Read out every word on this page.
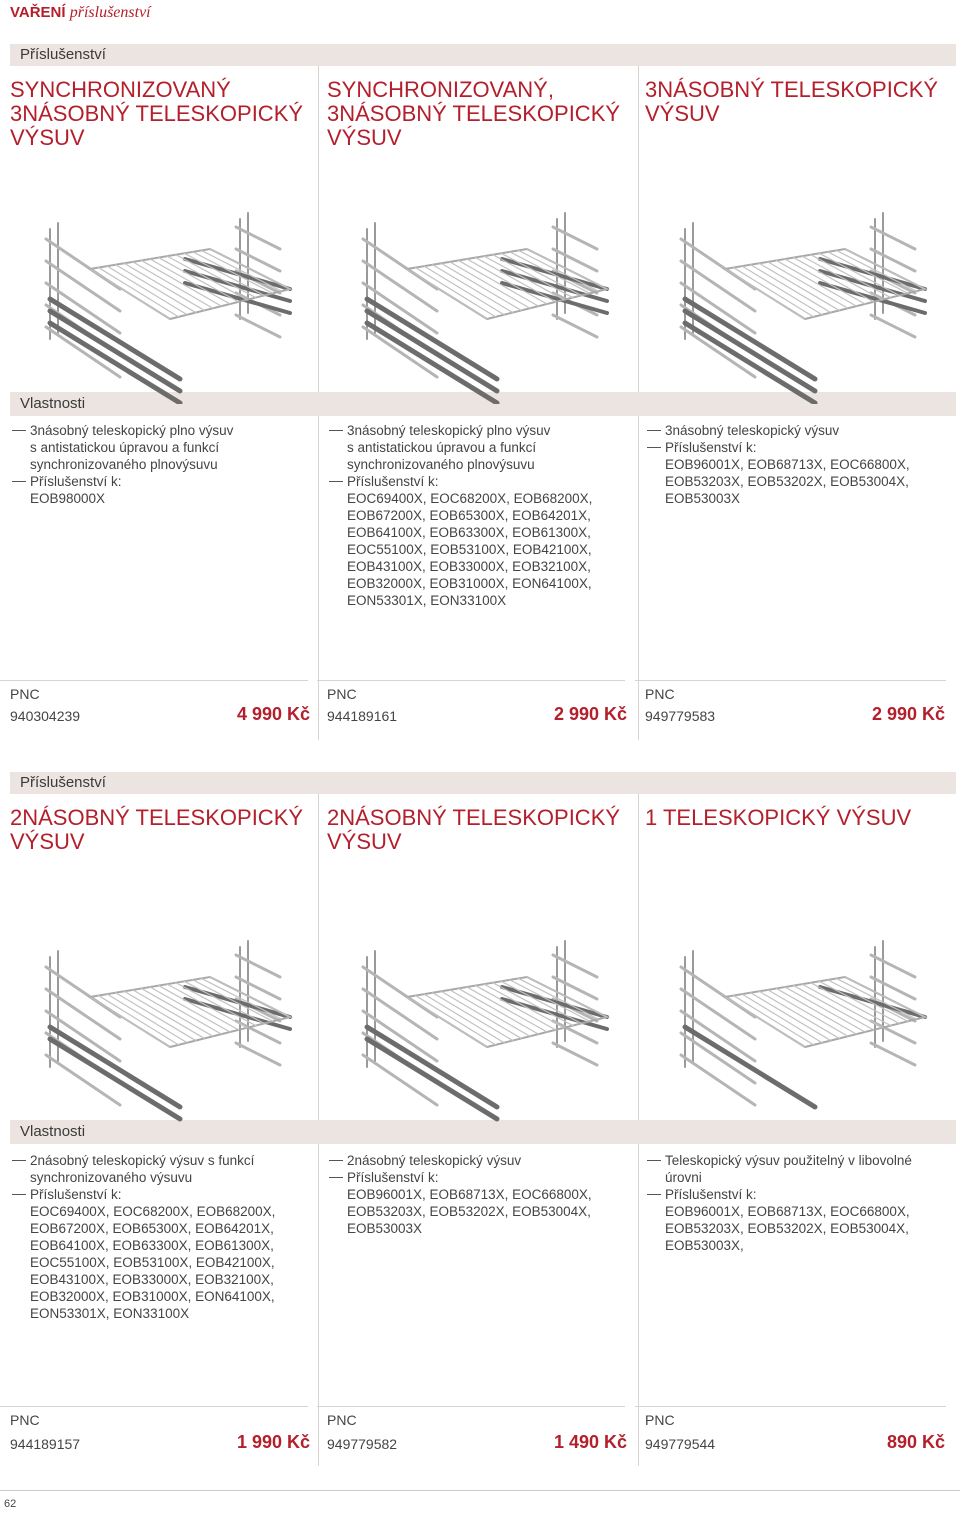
VAŘENÍ příslušenství
Příslušenství
Vlastnosti
SYNCHRONIZOVANÝ
3NÁSOBNÝ TELESKOPICKÝ
VÝSUV
3násobný teleskopický plno výsuv
s antistatickou úpravou a funkcí
synchronizovaného plnovýsuvu
Příslušenství k:
EOB98000X
PNC
940304239	4 990 Kč
SYNCHRONIZOVANÝ,
3NÁSOBNÝ TELESKOPICKÝ
VÝSUV
3násobný teleskopický plno výsuv
s antistatickou úpravou a funkcí
synchronizovaného plnovýsuvu
Příslušenství k:
EOC69400X, EOC68200X, EOB68200X,
EOB67200X, EOB65300X, EOB64201X,
EOB64100X, EOB63300X, EOB61300X,
EOC55100X, EOB53100X, EOB42100X,
EOB43100X, EOB33000X, EOB32100X,
EOB32000X, EOB31000X, EON64100X,
EON53301X, EON33100X
PNC
944189161	2 990 Kč
3NÁSOBNÝ TELESKOPICKÝ
VÝSUV
3násobný teleskopický výsuv
Příslušenství k:
EOB96001X, EOB68713X, EOC66800X,
EOB53203X, EOB53202X, EOB53004X,
EOB53003X
PNC
949779583	2 990 Kč
Příslušenství
Vlastnosti
2NÁSOBNÝ TELESKOPICKÝ
VÝSUV
2násobný teleskopický výsuv s funkcí
synchronizovaného výsuvu
Příslušenství k:
EOC69400X, EOC68200X, EOB68200X,
EOB67200X, EOB65300X, EOB64201X,
EOB64100X, EOB63300X, EOB61300X,
EOC55100X, EOB53100X, EOB42100X,
EOB43100X, EOB33000X, EOB32100X,
EOB32000X, EOB31000X, EON64100X,
EON53301X, EON33100X
PNC
944189157	1 990 Kč
2NÁSOBNÝ TELESKOPICKÝ
VÝSUV
2násobný teleskopický výsuv
Příslušenství k:
EOB96001X, EOB68713X, EOC66800X,
EOB53203X, EOB53202X, EOB53004X,
EOB53003X
PNC
949779582	1 490 Kč
1 TELESKOPICKÝ VÝSUV
Teleskopický výsuv použitelný v libovolné
úrovni
Příslušenství k:
EOB96001X, EOB68713X, EOC66800X,
EOB53203X, EOB53202X, EOB53004X,
EOB53003X,
PNC
949779544	890 Kč
62
